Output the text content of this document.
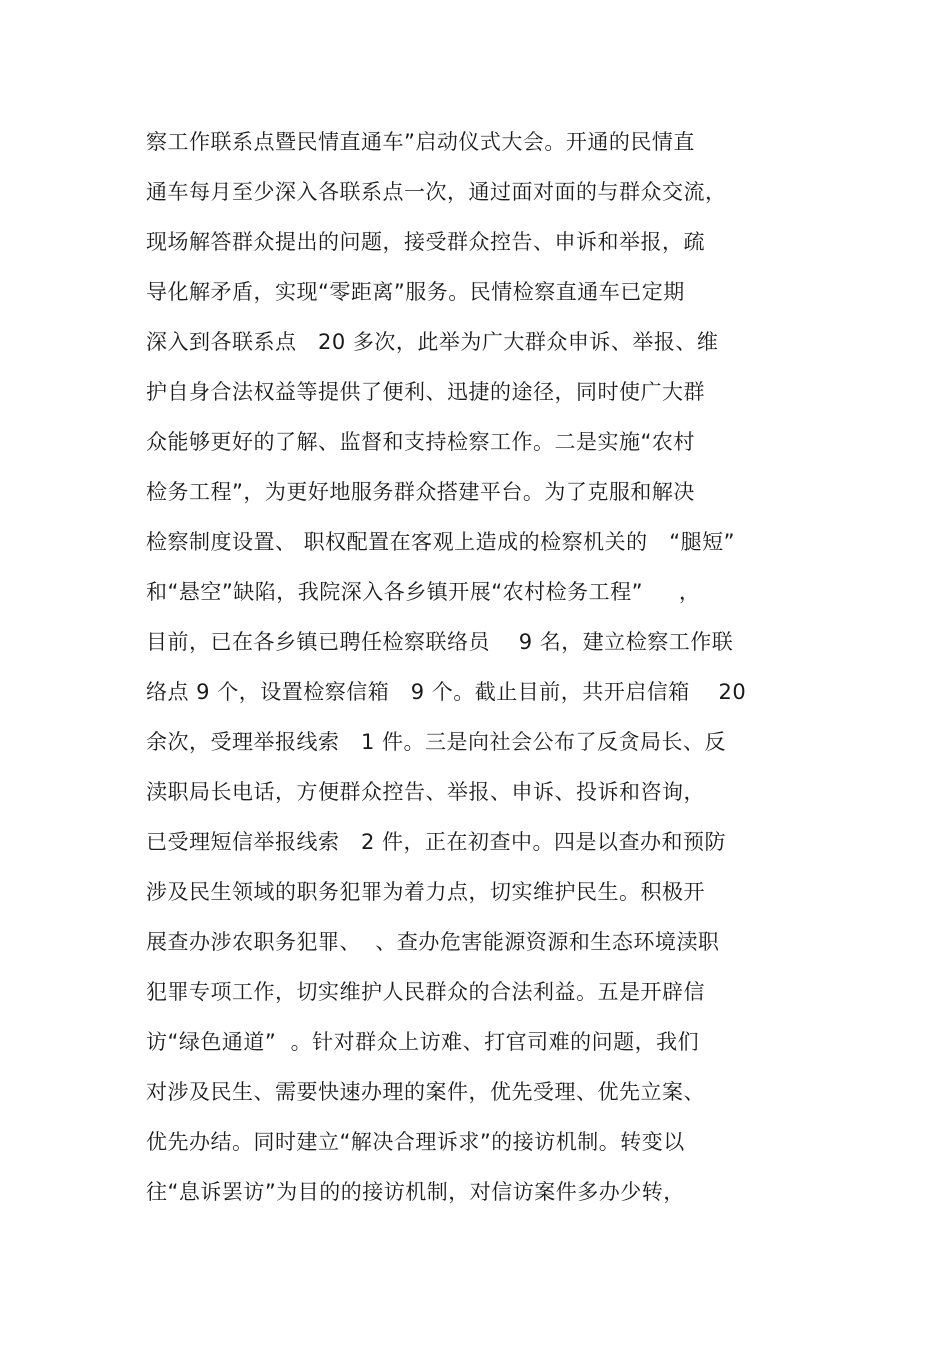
察工作联系点暨民情直通车”启动仪式大会。开通的民情直
通车每月至少深入各联系点一次，通过面对面的与群众交流，
现场解答群众提出的问题，接受群众控告、申诉和举报，疏
导化解矛盾，实现“零距离”服务。民情检察直通车已定期
深入到各联系点   20 多次，此举为广大群众申诉、举报、维
护自身合法权益等提供了便利、迅捷的途径，同时使广大群
众能够更好的了解、监督和支持检察工作。二是实施“农村
检务工程”，为更好地服务群众搭建平台。为了克服和解决
检察制度设置、 职权配置在客观上造成的检察机关的   “腿短”
和“悬空”缺陷，我院深入各乡镇开展“农村检务工程”     ，
目前，已在各乡镇已聘任检察联络员    9 名，建立检察工作联
络点 9 个，设置检察信箱   9 个。截止目前，共开启信箱    20
余次，受理举报线索   1 件。三是向社会公布了反贪局长、反
渎职局长电话，方便群众控告、举报、申诉、投诉和咨询，
已受理短信举报线索   2 件，正在初查中。四是以查办和预防
涉及民生领域的职务犯罪为着力点，切实维护民生。积极开
展查办涉农职务犯罪、  、查办危害能源资源和生态环境渎职
犯罪专项工作，切实维护人民群众的合法利益。五是开辟信
访“绿色通道”  。针对群众上访难、打官司难的问题，我们
对涉及民生、需要快速办理的案件，优先受理、优先立案、
优先办结。同时建立“解决合理诉求”的接访机制。转变以
往“息诉罢访”为目的的接访机制，对信访案件多办少转，
